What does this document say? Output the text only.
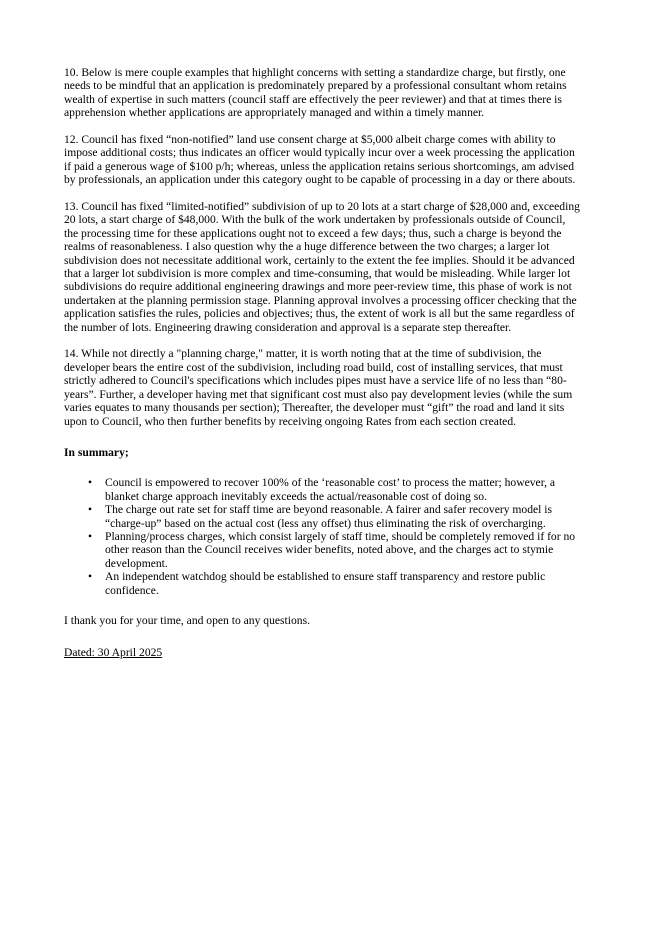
10. Below is mere couple examples that highlight concerns with setting a standardize charge, but firstly, one needs to be mindful that an application is predominately prepared by a professional consultant whom retains wealth of expertise in such matters (council staff are effectively the peer reviewer) and that at times there is apprehension whether applications are appropriately managed and within a timely manner.

12. Council has fixed “non-notified” land use consent charge at $5,000 albeit charge comes with ability to impose additional costs; thus indicates an officer would typically incur over a week processing the application if paid a generous wage of $100 p/h; whereas, unless the application retains serious shortcomings, am advised by professionals, an application under this category ought to be capable of processing in a day or there abouts.

13. Council has fixed “limited-notified” subdivision of up to 20 lots at a start charge of $28,000 and, exceeding 20 lots, a start charge of $48,000. With the bulk of the work undertaken by professionals outside of Council, the processing time for these applications ought not to exceed a few days; thus, such a charge is beyond the realms of reasonableness. I also question why the a huge difference between the two charges; a larger lot subdivision does not necessitate additional work, certainly to the extent the fee implies. Should it be advanced that a larger lot subdivision is more complex and time-consuming, that would be misleading. While larger lot subdivisions do require additional engineering drawings and more peer-review time, this phase of work is not undertaken at the planning permission stage. Planning approval involves a processing officer checking that the application satisfies the rules, policies and objectives; thus, the extent of work is all but the same regardless of the number of lots. Engineering drawing consideration and approval is a separate step thereafter.

14. While not directly a "planning charge," matter, it is worth noting that at the time of subdivision, the developer bears the entire cost of the subdivision, including road build, cost of installing services, that must strictly adhered to Council's specifications which includes pipes must have a service life of no less than “80-years”. Further, a developer having met that significant cost must also pay development levies (while the sum varies equates to many thousands per section); Thereafter, the developer must “gift” the road and land it sits upon to Council, who then further benefits by receiving ongoing Rates from each section created.

In summary;

• Council is empowered to recover 100% of the ‘reasonable cost’ to process the matter; however, a blanket charge approach inevitably exceeds the actual/reasonable cost of doing so.
• The charge out rate set for staff time are beyond reasonable. A fairer and safer recovery model is “charge-up” based on the actual cost (less any offset) thus eliminating the risk of overcharging.
• Planning/process charges, which consist largely of staff time, should be completely removed if for no other reason than the Council receives wider benefits, noted above, and the charges act to stymie development.
• An independent watchdog should be established to ensure staff transparency and restore public confidence.

I thank you for your time, and open to any questions.

Dated: 30 April 2025
